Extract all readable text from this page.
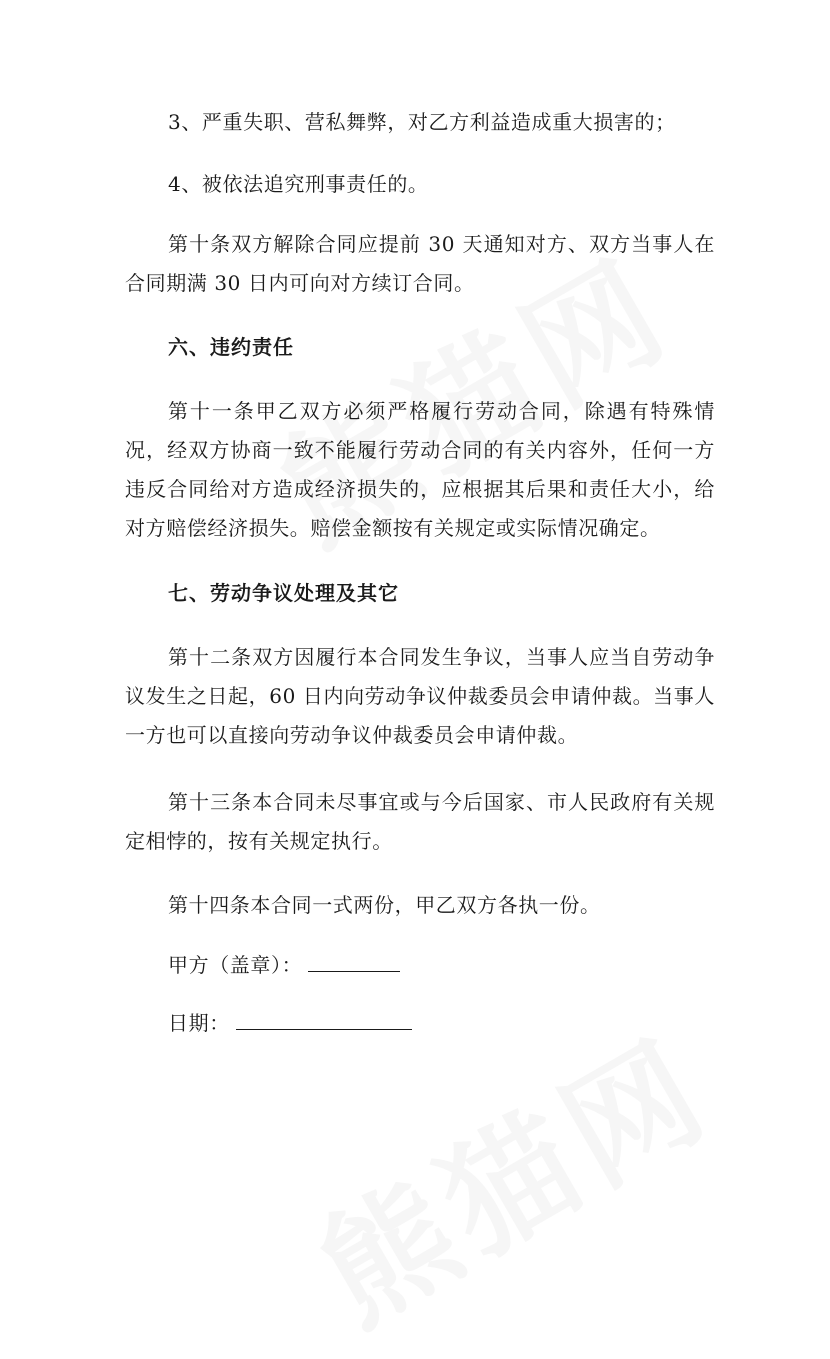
3、严重失职、营私舞弊，对乙方利益造成重大损害的；
4、被依法追究刑事责任的。
第十条双方解除合同应提前 30 天通知对方、双方当事人在合同期满 30 日内可向对方续订合同。
六、违约责任
第十一条甲乙双方必须严格履行劳动合同，除遇有特殊情况，经双方协商一致不能履行劳动合同的有关内容外，任何一方违反合同给对方造成经济损失的，应根据其后果和责任大小，给对方赔偿经济损失。赔偿金额按有关规定或实际情况确定。
七、劳动争议处理及其它
第十二条双方因履行本合同发生争议，当事人应当自劳动争议发生之日起，60 日内向劳动争议仲裁委员会申请仲裁。当事人一方也可以直接向劳动争议仲裁委员会申请仲裁。
第十三条本合同未尽事宜或与今后国家、市人民政府有关规定相悖的，按有关规定执行。
第十四条本合同一式两份，甲乙双方各执一份。
甲方（盖章）：
日期：
